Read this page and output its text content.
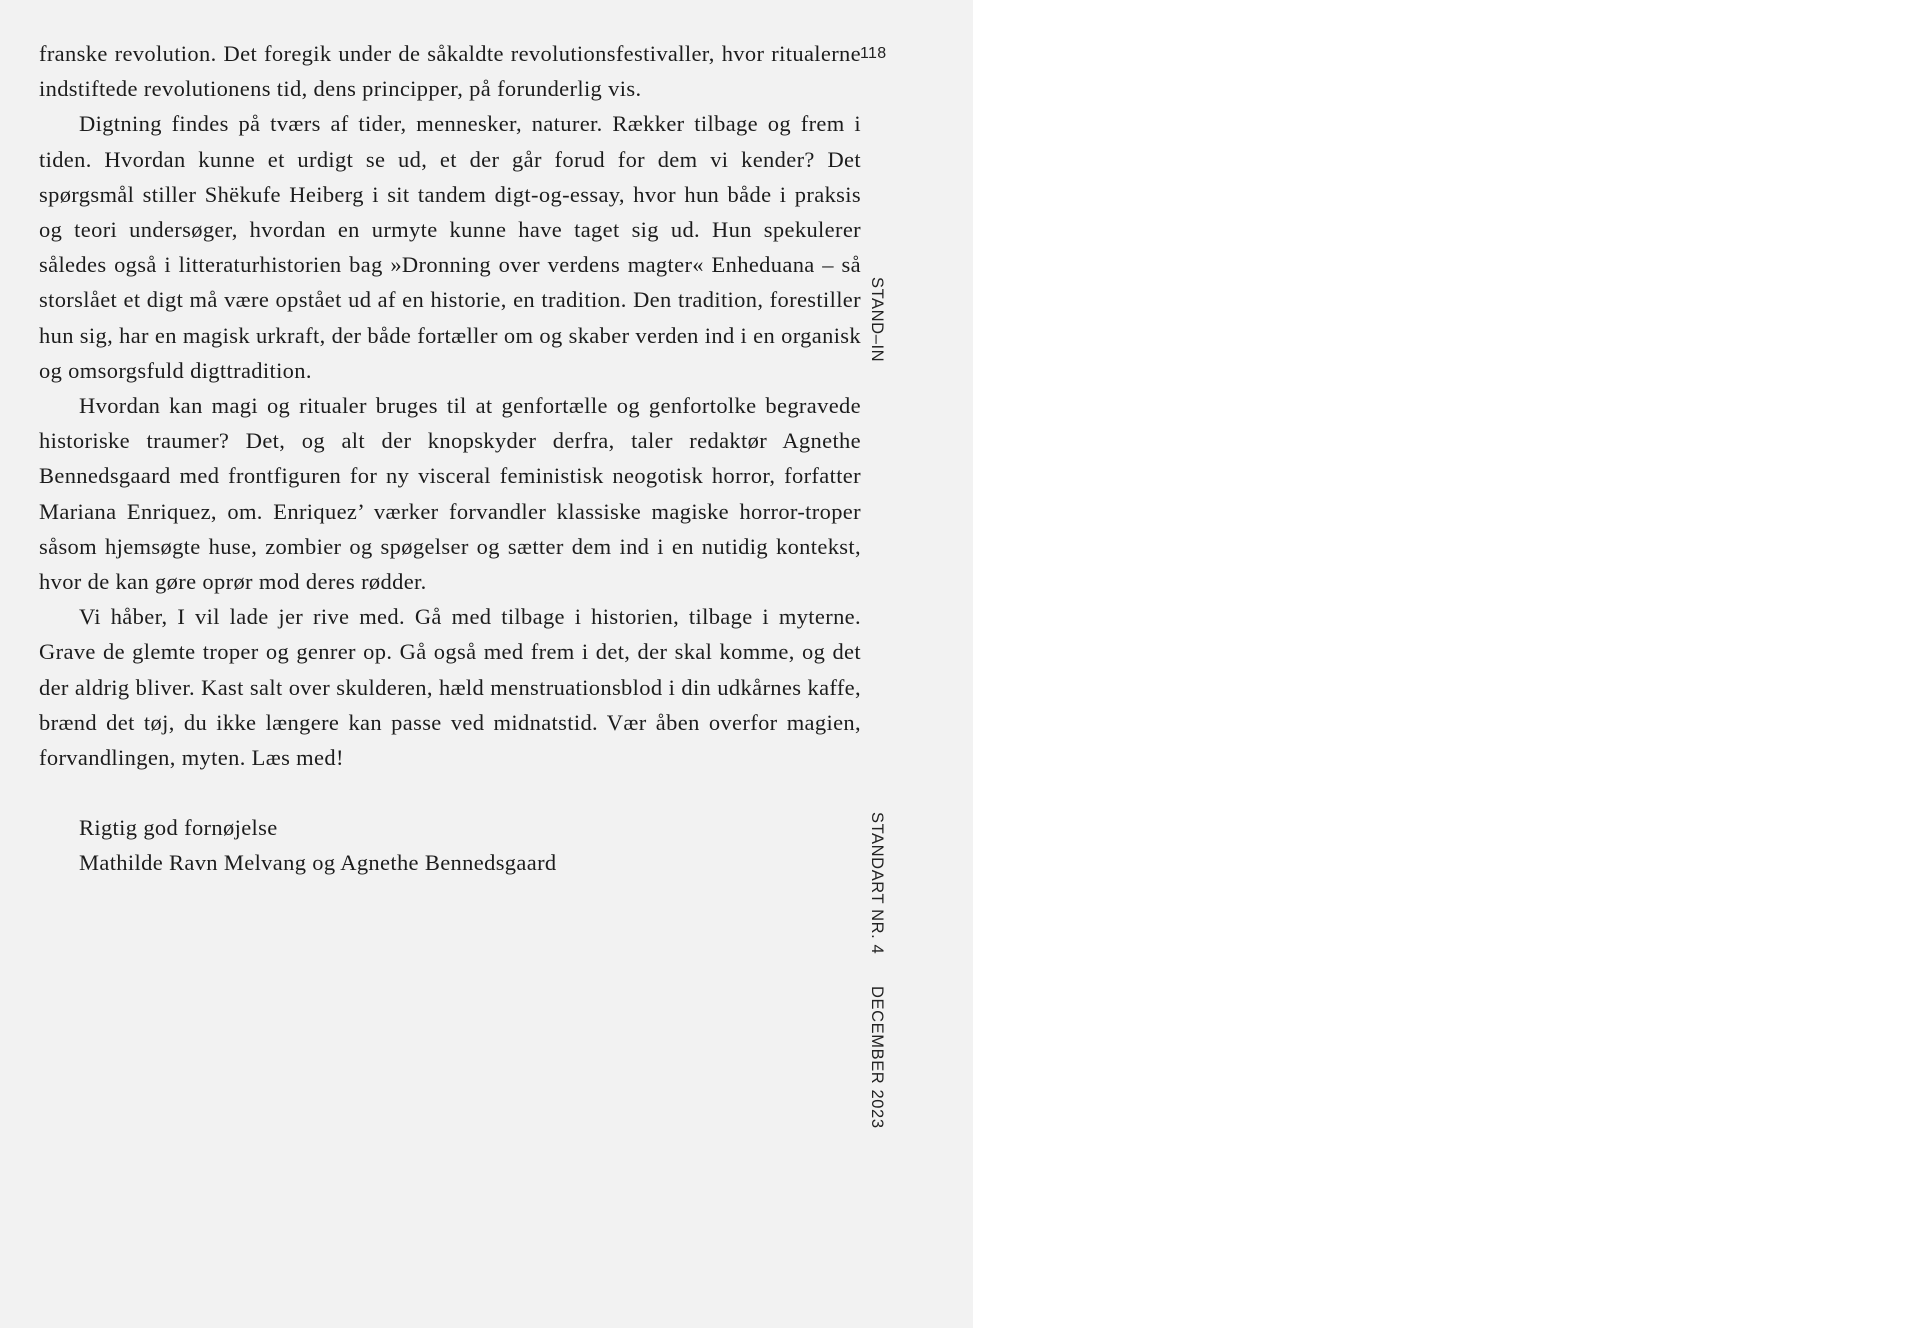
franske revolution. Det foregik under de såkaldte revolutionsfestivaller, hvor ritualerne indstiftede revolutionens tid, dens principper, på forunderlig vis.

Digtning findes på tværs af tider, mennesker, naturer. Rækker tilbage og frem i tiden. Hvordan kunne et urdigt se ud, et der går forud for dem vi kender? Det spørgsmål stiller Shëkufe Heiberg i sit tandem digt-og-essay, hvor hun både i praksis og teori undersøger, hvordan en urmyte kunne have taget sig ud. Hun spekulerer således også i litteraturhistorien bag »Dronning over verdens magter« Enheduana – så storslået et digt må være opstået ud af en historie, en tradition. Den tradition, forestiller hun sig, har en magisk urkraft, der både fortæller om og skaber verden ind i en organisk og omsorgsfuld digttradition.

Hvordan kan magi og ritualer bruges til at genfortælle og genfortolke begravede historiske traumer? Det, og alt der knopskyder derfra, taler redaktør Agnethe Bennedsgaard med frontfiguren for ny visceral feministisk neogotisk horror, forfatter Mariana Enriquez, om. Enriquez’ værker forvandler klassiske magiske horror-troper såsom hjemsøgte huse, zombier og spøgelser og sætter dem ind i en nutidig kontekst, hvor de kan gøre oprør mod deres rødder.

Vi håber, I vil lade jer rive med. Gå med tilbage i historien, tilbage i myterne. Grave de glemte troper og genrer op. Gå også med frem i det, der skal komme, og det der aldrig bliver. Kast salt over skulderen, hæld menstruationsblod i din udkårnes kaffe, brænd det tøj, du ikke længere kan passe ved midnatstid. Vær åben overfor magien, forvandlingen, myten. Læs med!

Rigtig god fornøjelse
Mathilde Ravn Melvang og Agnethe Bennedsgaard
118
STAND–IN
STANDART NR. 4
DECEMBER 2023
